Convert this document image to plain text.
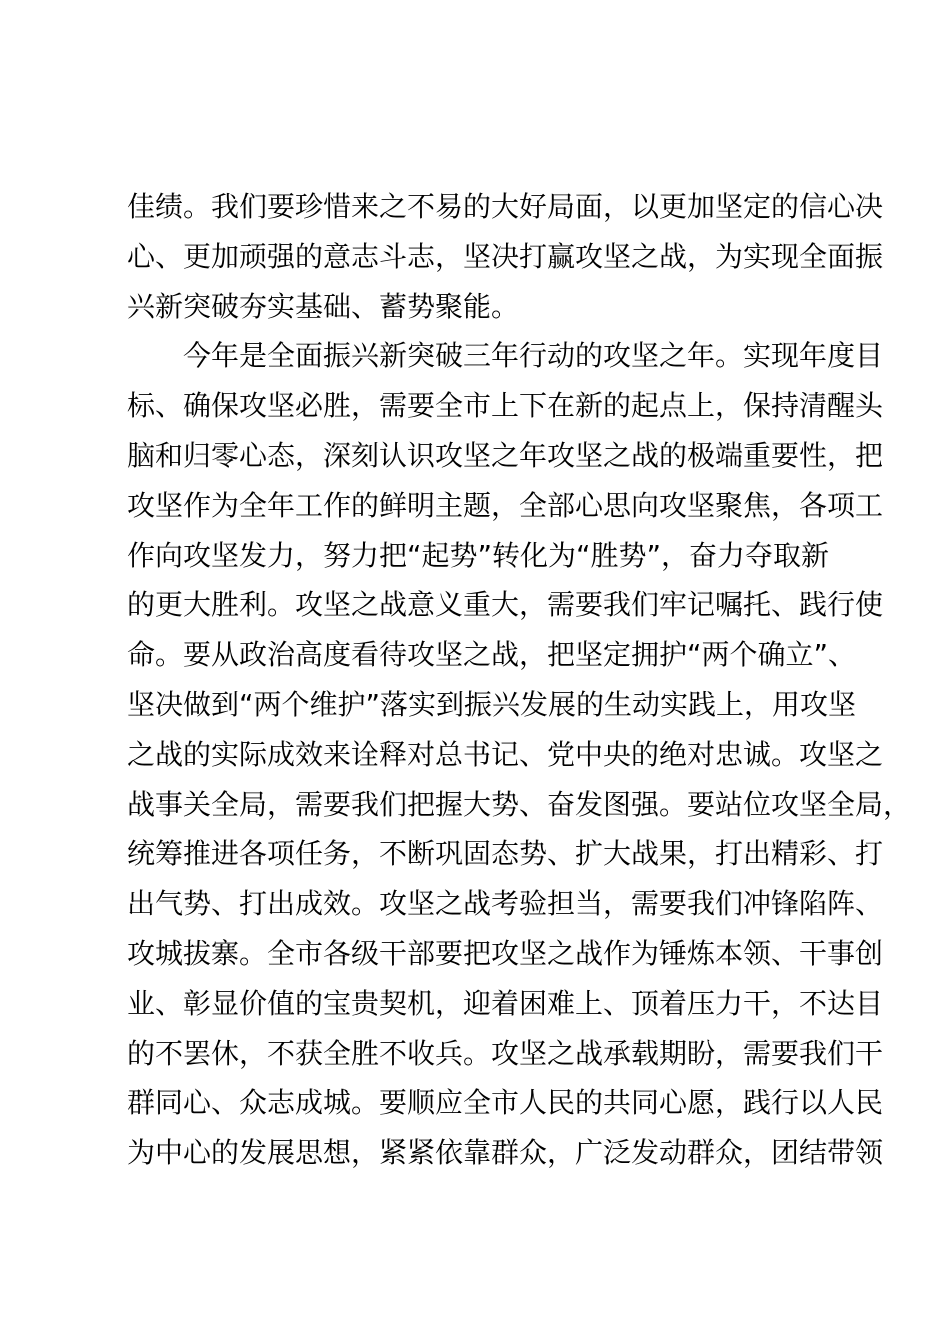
佳绩。我们要珍惜来之不易的大好局面，以更加坚定的信心决
心、更加顽强的意志斗志，坚决打赢攻坚之战，为实现全面振
兴新突破夯实基础、蓄势聚能。
今年是全面振兴新突破三年行动的攻坚之年。实现年度目
标、确保攻坚必胜，需要全市上下在新的起点上，保持清醒头
脑和归零心态，深刻认识攻坚之年攻坚之战的极端重要性，把
攻坚作为全年工作的鲜明主题，全部心思向攻坚聚焦，各项工
作向攻坚发力，努力把“起势”转化为“胜势”，奋力夺取新
的更大胜利。攻坚之战意义重大，需要我们牢记嘱托、践行使
命。要从政治高度看待攻坚之战，把坚定拥护“两个确立”、
坚决做到“两个维护”落实到振兴发展的生动实践上，用攻坚
之战的实际成效来诠释对总书记、党中央的绝对忠诚。攻坚之
战事关全局，需要我们把握大势、奋发图强。要站位攻坚全局，
统筹推进各项任务，不断巩固态势、扩大战果，打出精彩、打
出气势、打出成效。攻坚之战考验担当，需要我们冲锋陷阵、
攻城拔寨。全市各级干部要把攻坚之战作为锤炼本领、干事创
业、彰显价值的宝贵契机，迎着困难上、顶着压力干，不达目
的不罢休，不获全胜不收兵。攻坚之战承载期盼，需要我们干
群同心、众志成城。要顺应全市人民的共同心愿，践行以人民
为中心的发展思想，紧紧依靠群众，广泛发动群众，团结带领
